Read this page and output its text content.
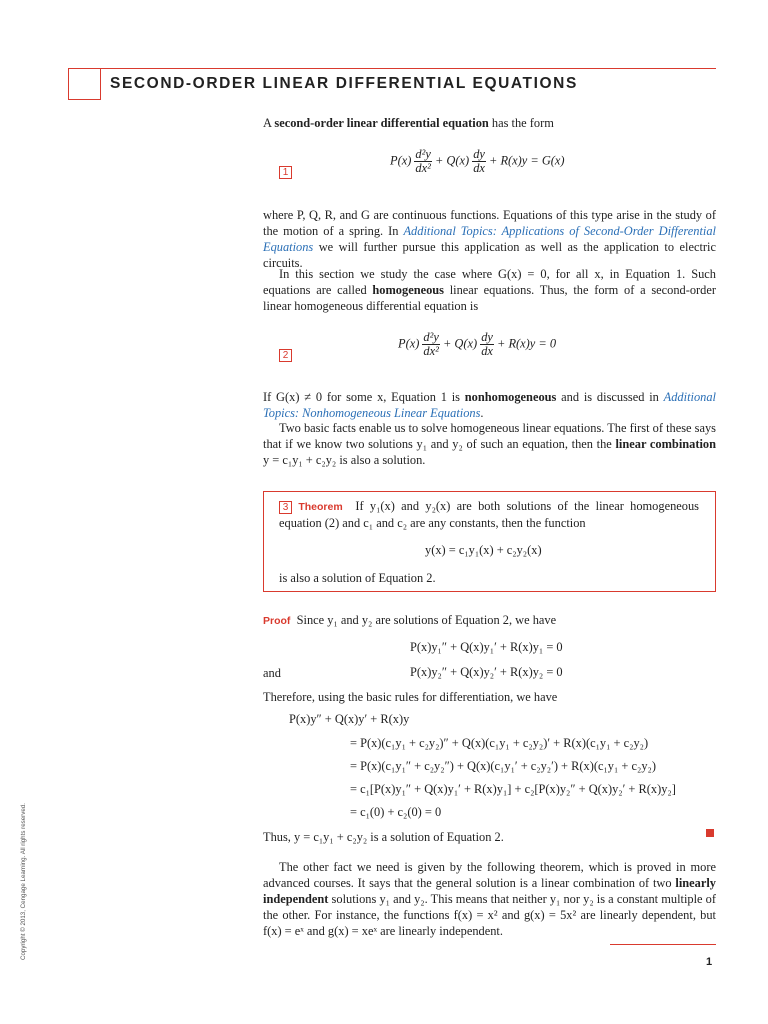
SECOND-ORDER LINEAR DIFFERENTIAL EQUATIONS
A second-order linear differential equation has the form
1
$P(x) \frac{\text{d²y}}{\text{dx²}} + Q(x) \frac{dy}{dx} + R(x)y = G(x)$
where P, Q, R, and G are continuous functions. Equations of this type arise in the study of the motion of a spring. In Additional Topics: Applications of Second-Order Differential Equations we will further pursue this application as well as the application to electric circuits.
In this section we study the case where G(x) = 0, for all x, in Equation 1. Such equations are called homogeneous linear equations. Thus, the form of a second-order linear homogeneous differential equation is
2
$P(x) \frac{\text{d²y}}{\text{dx²}} + Q(x) \frac{dy}{dx} + R(x)y = 0$
If G(x) ≠ 0 for some x, Equation 1 is nonhomogeneous and is discussed in Additional Topics: Nonhomogeneous Linear Equations.
Two basic facts enable us to solve homogeneous linear equations. The first of these says that if we know two solutions y₁ and y₂ of such an equation, then the linear combination y = c₁y₁ + c₂y₂ is also a solution.
3 Theorem If y₁(x) and y₂(x) are both solutions of the linear homogeneous equation (2) and c₁ and c₂ are any constants, then the function
y(x) = c₁y₁(x) + c₂y₂(x)
is also a solution of Equation 2.
Proof Since y₁ and y₂ are solutions of Equation 2, we have
P(x)y₁″ + Q(x)y₁′ + R(x)y₁ = 0
and	P(x)y₂″ + Q(x)y₂′ + R(x)y₂ = 0
Therefore, using the basic rules for differentiation, we have
P(x)y″ + Q(x)y′ + R(x)y
= P(x)(c₁y₁ + c₂y₂)″ + Q(x)(c₁y₁ + c₂y₂)′ + R(x)(c₁y₁ + c₂y₂)
= P(x)(c₁y₁″ + c₂y₂″) + Q(x)(c₁y₁′ + c₂y₂′) + R(x)(c₁y₁ + c₂y₂)
= c₁[P(x)y₁″ + Q(x)y₁′ + R(x)y₁] + c₂[P(x)y₂″ + Q(x)y₂′ + R(x)y₂]
= c₁(0) + c₂(0) = 0
Thus, y = c₁y₁ + c₂y₂ is a solution of Equation 2.
The other fact we need is given by the following theorem, which is proved in more advanced courses. It says that the general solution is a linear combination of two linearly independent solutions y₁ and y₂. This means that neither y₁ nor y₂ is a constant multiple of the other. For instance, the functions f(x) = x² and g(x) = 5x² are linearly dependent, but f(x) = eˣ and g(x) = xeˣ are linearly independent.
1
Copyright © 2013, Cengage Learning. All rights reserved.
